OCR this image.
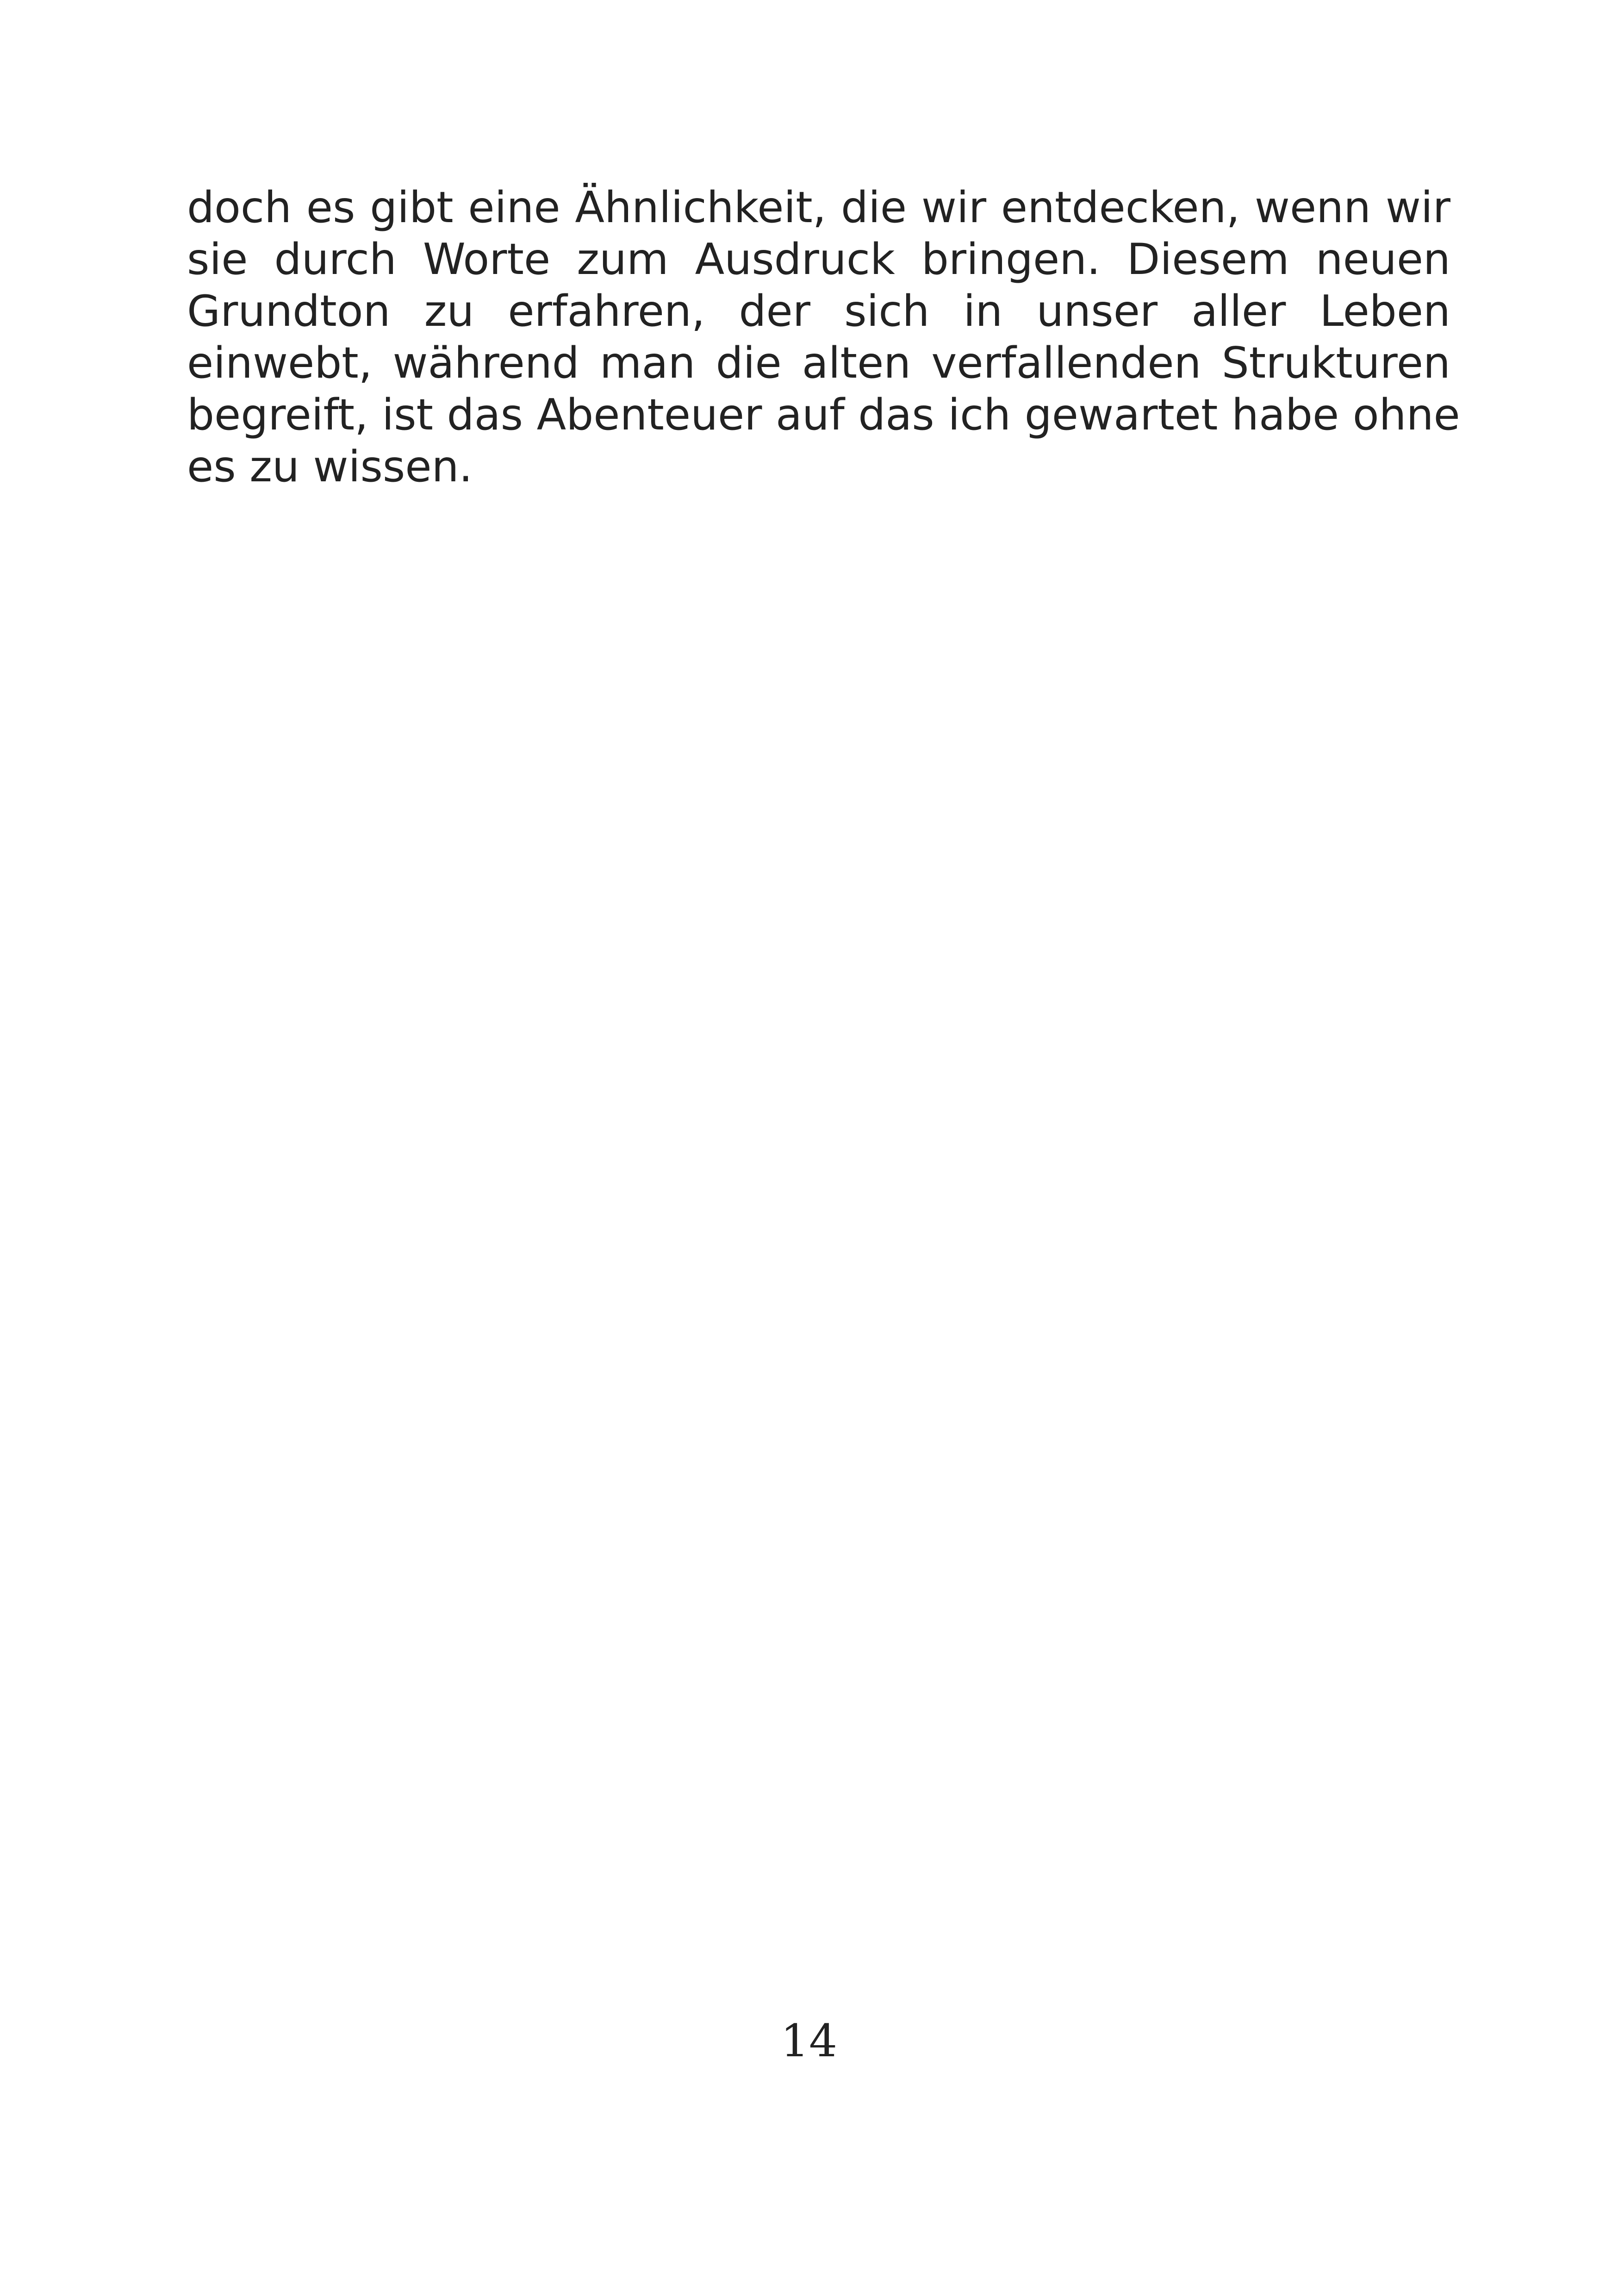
doch es gibt eine Ähnlichkeit, die wir entdecken, wenn wir
sie durch Worte zum Ausdruck bringen. Diesem neuen
Grundton zu erfahren, der sich in unser aller Leben
einwebt, während man die alten verfallenden Strukturen
begreift, ist das Abenteuer auf das ich gewartet habe ohne
es zu wissen.
14
